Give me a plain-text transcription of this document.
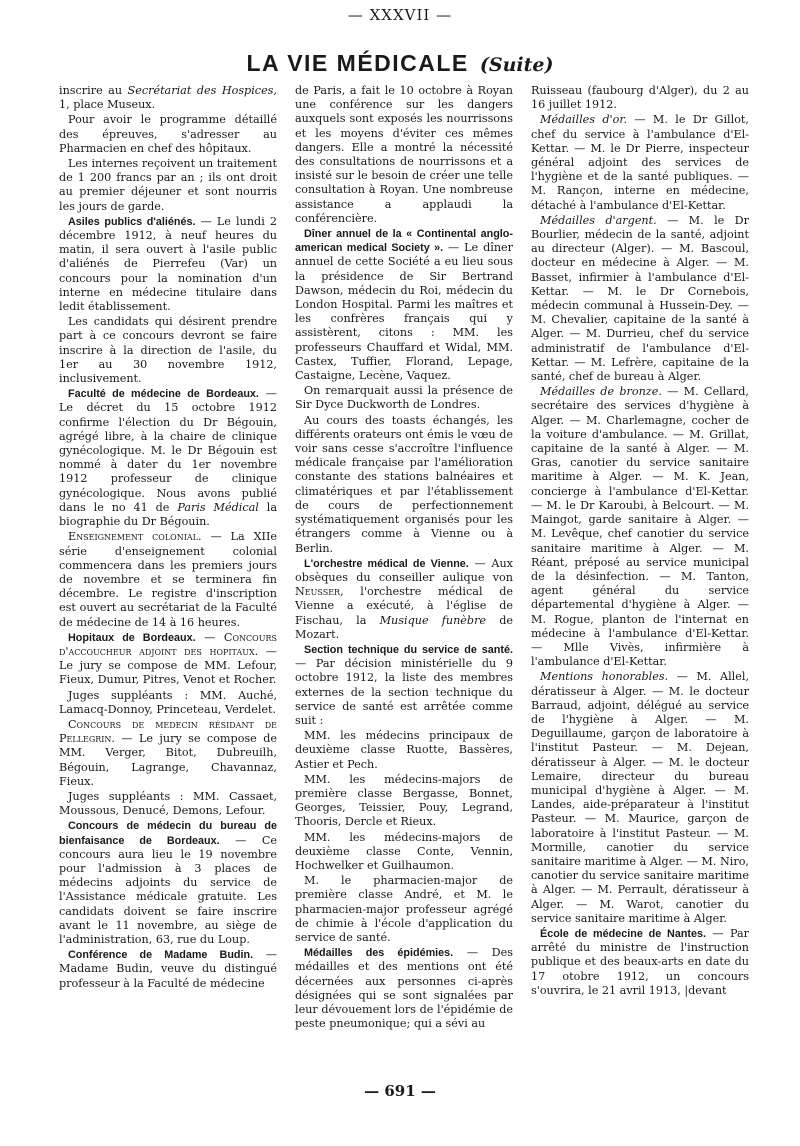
— XXXVII —
LA VIE MÉDICALE (Suite)

inscrire au Secrétariat des Hospices, 1, place Museux.

Pour avoir le programme détaillé des épreuves, s'adresser au Pharmacien en chef des hôpitaux.

Les internes reçoivent un traitement de 1 200 francs par an ; ils ont droit au premier déjeuner et sont nourris les jours de garde.

Asiles publics d'aliénés. — Le lundi 2 décembre 1912, à neuf heures du matin, il sera ouvert à l'asile public d'aliénés de Pierrefeu (Var) un concours pour la nomination d'un interne en médecine titulaire dans ledit établissement.

Les candidats qui désirent prendre part à ce concours devront se faire inscrire à la direction de l'asile, du 1er au 30 novembre 1912, inclusivement.

Faculté de médecine de Bordeaux. — Le décret du 15 octobre 1912 confirme l'élection du Dr Bégouin, agrégé libre, à la chaire de clinique gynécologique. M. le Dr Bégouin est nommé à dater du 1er novembre 1912 professeur de clinique gynécologique. Nous avons publié dans le no 41 de Paris Médical la biographie du Dr Bégouin.

Enseignement colonial. — La XIIe série d'enseignement colonial commencera dans les premiers jours de novembre et se terminera fin décembre. Le registre d'inscription est ouvert au secrétariat de la Faculté de médecine de 14 à 16 heures.

Hopitaux de Bordeaux. — Concours d'accoucheur adjoint des hopitaux. — Le jury se compose de MM. Lefour, Fieux, Dumur, Pitres, Venot et Rocher.

Juges suppléants : MM. Auché, Lamacq-Donnoy, Princeteau, Verdelet.

Concours de medecin résidant de Pellegrin. — Le jury se compose de MM. Verger, Bitot, Dubreuilh, Bégouin, Lagrange, Chavannaz, Fieux.

Juges suppléants : MM. Cassaet, Moussous, Denucé, Demons, Lefour.

Concours de médecin du bureau de bienfaisance de Bordeaux. — Ce concours aura lieu le 19 novembre pour l'admission à 3 places de médecins adjoints du service de l'Assistance médicale gratuite. Les candidats doivent se faire inscrire avant le 11 novembre, au siège de l'administration, 63, rue du Loup.

Conférence de Madame Budin. — Madame Budin, veuve du distingué professeur à la Faculté de médecine

de Paris, a fait le 10 octobre à Royan une conférence sur les dangers auxquels sont exposés les nourrissons et les moyens d'éviter ces mêmes dangers. Elle a montré la nécessité des consultations de nourrissons et a insisté sur le besoin de créer une telle consultation à Royan. Une nombreuse assistance a applaudi la conférencière.

Dîner annuel de la « Continental anglo-american medical Society ». — Le dîner annuel de cette Société a eu lieu sous la présidence de Sir Bertrand Dawson, médecin du Roi, médecin du London Hospital. Parmi les maîtres et les confrères français qui y assistèrent, citons : MM. les professeurs Chauffard et Widal, MM. Castex, Tuffier, Florand, Lepage, Castaigne, Lecène, Vaquez.

On remarquait aussi la présence de Sir Dyce Duckworth de Londres.

Au cours des toasts échangés, les différents orateurs ont émis le vœu de voir sans cesse s'accroître l'influence médicale française par l'amélioration constante des stations balnéaires et climatériques et par l'établissement de cours de perfectionnement systématiquement organisés pour les étrangers comme à Vienne ou à Berlin.

L'orchestre médical de Vienne. — Aux obsèques du conseiller aulique von Neusser, l'orchestre médical de Vienne a exécuté, à l'église de Fischau, la Musique funèbre de Mozart.

Section technique du service de santé. — Par décision ministérielle du 9 octobre 1912, la liste des membres externes de la section technique du service de santé est arrêtée comme suit :

MM. les médecins principaux de deuxième classe Ruotte, Bassères, Astier et Pech.

MM. les médecins-majors de première classe Bergasse, Bonnet, Georges, Teissier, Pouy, Legrand, Thooris, Dercle et Rieux.

MM. les médecins-majors de deuxième classe Conte, Vennin, Hochwelker et Guilhaumon.

M. le pharmacien-major de première classe André, et M. le pharmacien-major professeur agrégé de chimie à l'école d'application du service de santé.

Médailles des épidémies. — Des médailles et des mentions ont été décernées aux personnes ci-après désignées qui se sont signalées par leur dévouement lors de l'épidémie de peste pneumonique; qui a sévi au

Ruisseau (faubourg d'Alger), du 2 au 16 juillet 1912.

Médailles d'or. — M. le Dr Gillot, chef du service à l'ambulance d'El-Kettar. — M. le Dr Pierre, inspecteur général adjoint des services de l'hygiène et de la santé publiques. — M. Rançon, interne en médecine, détaché à l'ambulance d'El-Kettar.

Médailles d'argent. — M. le Dr Bourlier, médecin de la santé, adjoint au directeur (Alger). — M. Bascoul, docteur en médecine à Alger. — M. Basset, infirmier à l'ambulance d'El-Kettar. — M. le Dr Cornebois, médecin communal à Hussein-Dey. — M. Chevalier, capitaine de la santé à Alger. — M. Durrieu, chef du service administratif de l'ambulance d'El-Kettar. — M. Lefrère, capitaine de la santé, chef de bureau à Alger.

Médailles de bronze. — M. Cellard, secrétaire des services d'hygiène à Alger. — M. Charlemagne, cocher de la voiture d'ambulance. — M. Grillat, capitaine de la santé à Alger. — M. Gras, canotier du service sanitaire maritime à Alger. — M. K. Jean, concierge à l'ambulance d'El-Kettar. — M. le Dr Karoubi, à Belcourt. — M. Maingot, garde sanitaire à Alger. — M. Levêque, chef canotier du service sanitaire maritime à Alger. — M. Réant, préposé au service municipal de la désinfection. — M. Tanton, agent général du service départemental d'hygiène à Alger. — M. Rogue, planton de l'internat en médecine à l'ambulance d'El-Kettar. — Mlle Vivès, infirmière à l'ambulance d'El-Kettar.

Mentions honorables. — M. Allel, dératisseur à Alger. — M. le docteur Barraud, adjoint, délégué au service de l'hygiène à Alger. — M. Deguillaume, garçon de laboratoire à l'institut Pasteur. — M. Dejean, dératisseur à Alger. — M. le docteur Lemaire, directeur du bureau municipal d'hygiène à Alger. — M. Landes, aide-préparateur à l'institut Pasteur. — M. Maurice, garçon de laboratoire à l'institut Pasteur. — M. Mormille, canotier du service sanitaire maritime à Alger. — M. Niro, canotier du service sanitaire maritime à Alger. — M. Perrault, dératisseur à Alger. — M. Warot, canotier du service sanitaire maritime à Alger.

École de médecine de Nantes. — Par arrêté du ministre de l'instruction publique et des beaux-arts en date du 17 otobre 1912, un concours s'ouvrira, le 21 avril 1913, |devant

— 691 —
